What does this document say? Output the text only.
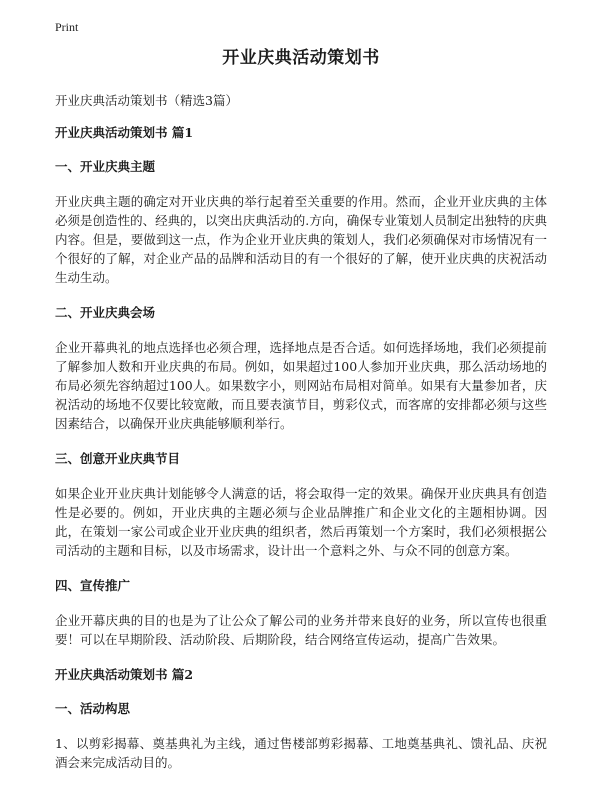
Print
开业庆典活动策划书

开业庆典活动策划书（精选3篇）

开业庆典活动策划书 篇1

一、开业庆典主题

开业庆典主题的确定对开业庆典的举行起着至关重要的作用。然而，企业开业庆典的主体必须是创造性的、经典的，以突出庆典活动的.方向，确保专业策划人员制定出独特的庆典内容。但是，要做到这一点，作为企业开业庆典的策划人，我们必须确保对市场情况有一个很好的了解，对企业产品的品牌和活动目的有一个很好的了解，使开业庆典的庆祝活动生动生动。

二、开业庆典会场

企业开幕典礼的地点选择也必须合理，选择地点是否合适。如何选择场地，我们必须提前了解参加人数和开业庆典的布局。例如，如果超过100人参加开业庆典，那么活动场地的布局必须先容纳超过100人。如果数字小，则网站布局相对简单。如果有大量参加者，庆祝活动的场地不仅要比较宽敞，而且要表演节目，剪彩仪式，而客席的安排都必须与这些因素结合，以确保开业庆典能够顺利举行。

三、创意开业庆典节目

如果企业开业庆典计划能够令人满意的话，将会取得一定的效果。确保开业庆典具有创造性是必要的。例如，开业庆典的主题必须与企业品牌推广和企业文化的主题相协调。因此，在策划一家公司或企业开业庆典的组织者，然后再策划一个方案时，我们必须根据公司活动的主题和目标，以及市场需求，设计出一个意料之外、与众不同的创意方案。

四、宣传推广

企业开幕庆典的目的也是为了让公众了解公司的业务并带来良好的业务，所以宣传也很重要！可以在早期阶段、活动阶段、后期阶段，结合网络宣传运动，提高广告效果。

开业庆典活动策划书 篇2

一、活动构思

1、以剪彩揭幕、奠基典礼为主线，通过售楼部剪彩揭幕、工地奠基典礼、馈礼品、庆祝酒会来完成活动目的。
